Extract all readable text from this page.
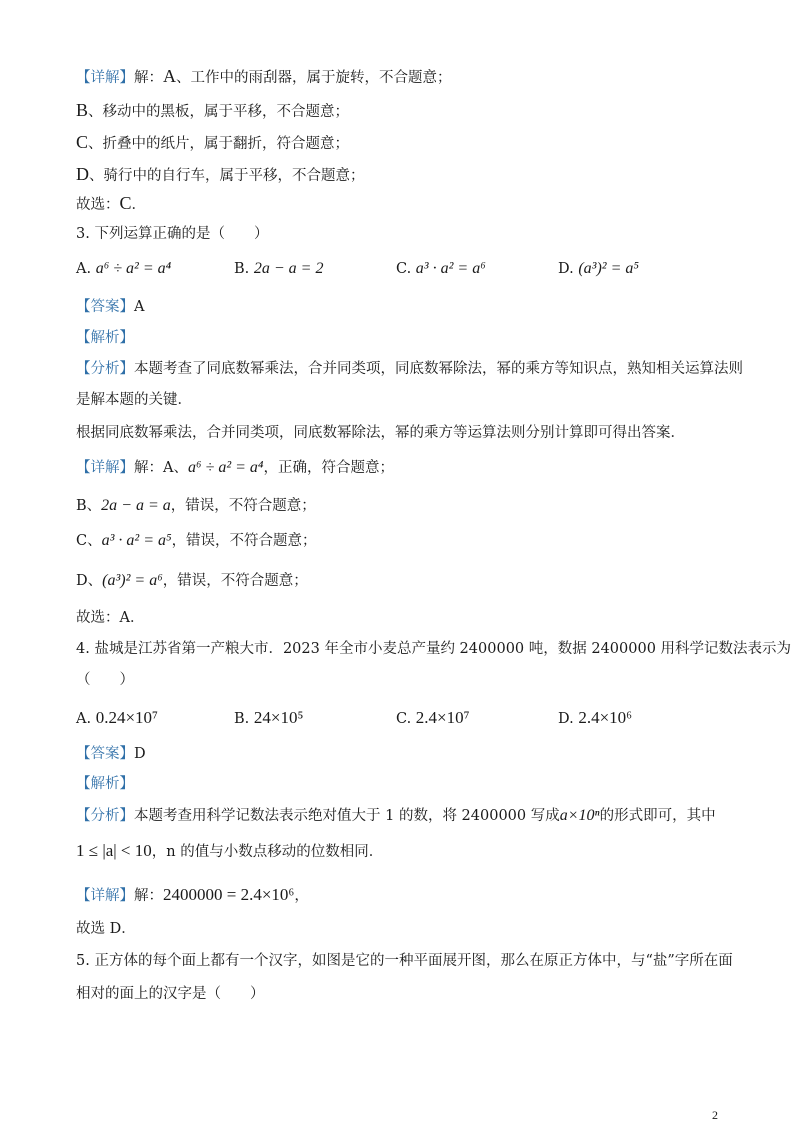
【详解】解：A、工作中的雨刮器，属于旋转，不合题意；
B、移动中的黑板，属于平移，不合题意；
C、折叠中的纸片，属于翻折，符合题意；
D、骑行中的自行车，属于平移，不合题意；
故选：C．
3. 下列运算正确的是（　　）
A. a⁶ ÷ a² = a⁴	B. 2a − a = 2	C. a³ · a² = a⁶	D. (a³)² = a⁵
【答案】A
【解析】
【分析】本题考查了同底数幂乘法，合并同类项，同底数幂除法，幂的乘方等知识点，熟知相关运算法则
是解本题的关键．
根据同底数幂乘法，合并同类项，同底数幂除法，幂的乘方等运算法则分别计算即可得出答案．
【详解】解：A、a⁶ ÷ a² = a⁴，正确，符合题意；
B、2a − a = a，错误，不符合题意；
C、a³ · a² = a⁵，错误，不符合题意；
D、(a³)² = a⁶，错误，不符合题意；
故选：A．
4. 盐城是江苏省第一产粮大市．2023 年全市小麦总产量约 2400000 吨，数据 2400000 用科学记数法表示为
（　　）
A. 0.24×10⁷	B. 24×10⁵	C. 2.4×10⁷	D. 2.4×10⁶
【答案】D
【解析】
【分析】本题考查用科学记数法表示绝对值大于 1 的数，将 2400000 写成a×10ⁿ的形式即可，其中
1 ≤ |a| < 10，n 的值与小数点移动的位数相同．
【详解】解：2400000 = 2.4×10⁶，
故选 D．
5. 正方体的每个面上都有一个汉字，如图是它的一种平面展开图，那么在原正方体中，与“盐”字所在面
相对的面上的汉字是（　　）
2
